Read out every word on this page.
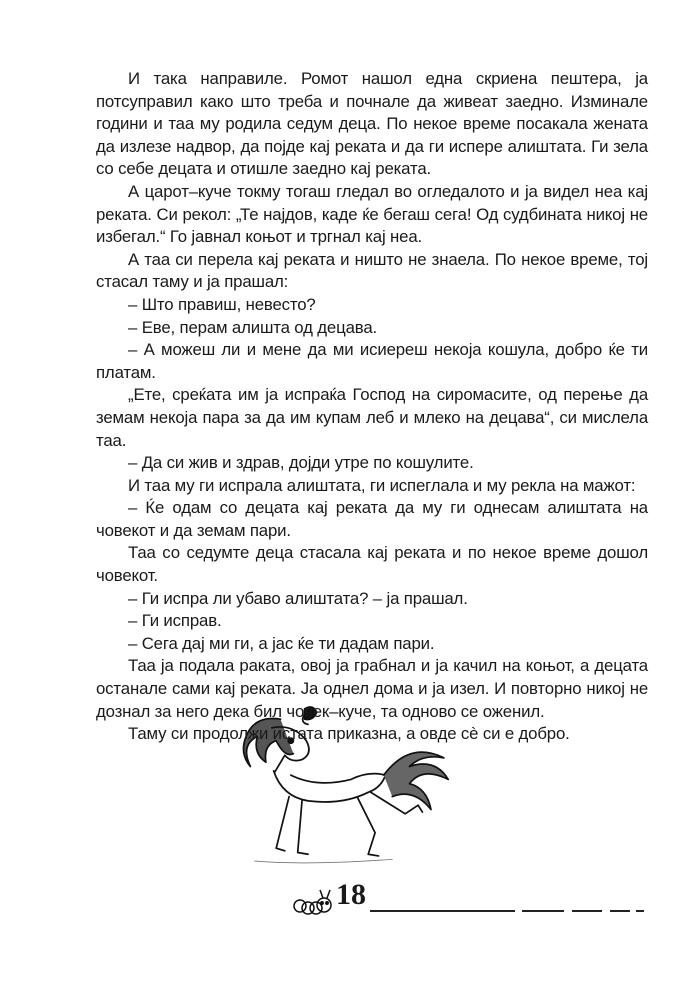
И така направиле. Ромот нашол една скриена пештера, ја потсуправил како што треба и почнале да живеат заедно. Изминале години и таа му родила седум деца. По некое време посакала жената да излезе надвор, да појде кај реката и да ги испере алиштата. Ги зела со себе децата и отишле заедно кај реката.

А царот–куче токму тогаш гледал во огледалото и ја видел неа кај реката. Си рекол: „Те најдов, каде ќе бегаш сега! Од судбината никој не избегал.“ Го јавнал коњот и тргнал кај неа.

А таа си перела кај реката и ништо не знаела. По некое време, тој стасал таму и ја прашал:

– Што правиш, невесто?

– Еве, перам алишта од децава.

– А можеш ли и мене да ми исиереш некоја кошула, добро ќе ти платам.

„Ете, среќата им ја испраќа Господ на сиромасите, од перење да земам некоја пара за да им купам леб и млеко на децава“, си мислела таа.

– Да си жив и здрав, дојди утре по кошулите.

И таа му ги испрала алиштата, ги испеглала и му рекла на мажот:

– Ќе одам со децата кај реката да му ги однесам алиштата на човекот и да земам пари.

Таа со седумте деца стасала кај реката и по некое време дошол човекот.

– Ги испра ли убаво алиштата? – ја прашал.

– Ги исправ.

– Сега дај ми ги, а јас ќе ти дадам пари.

Таа ја подала раката, овој ја грабнал и ја качил на коњот, а децата останале сами кај реката. Ја однел дома и ја изел. И повторно никој не дознал за него дека бил човек–куче, та одново се оженил.

Таму си продолжи истата приказна, а овде сè си е добро.

18
